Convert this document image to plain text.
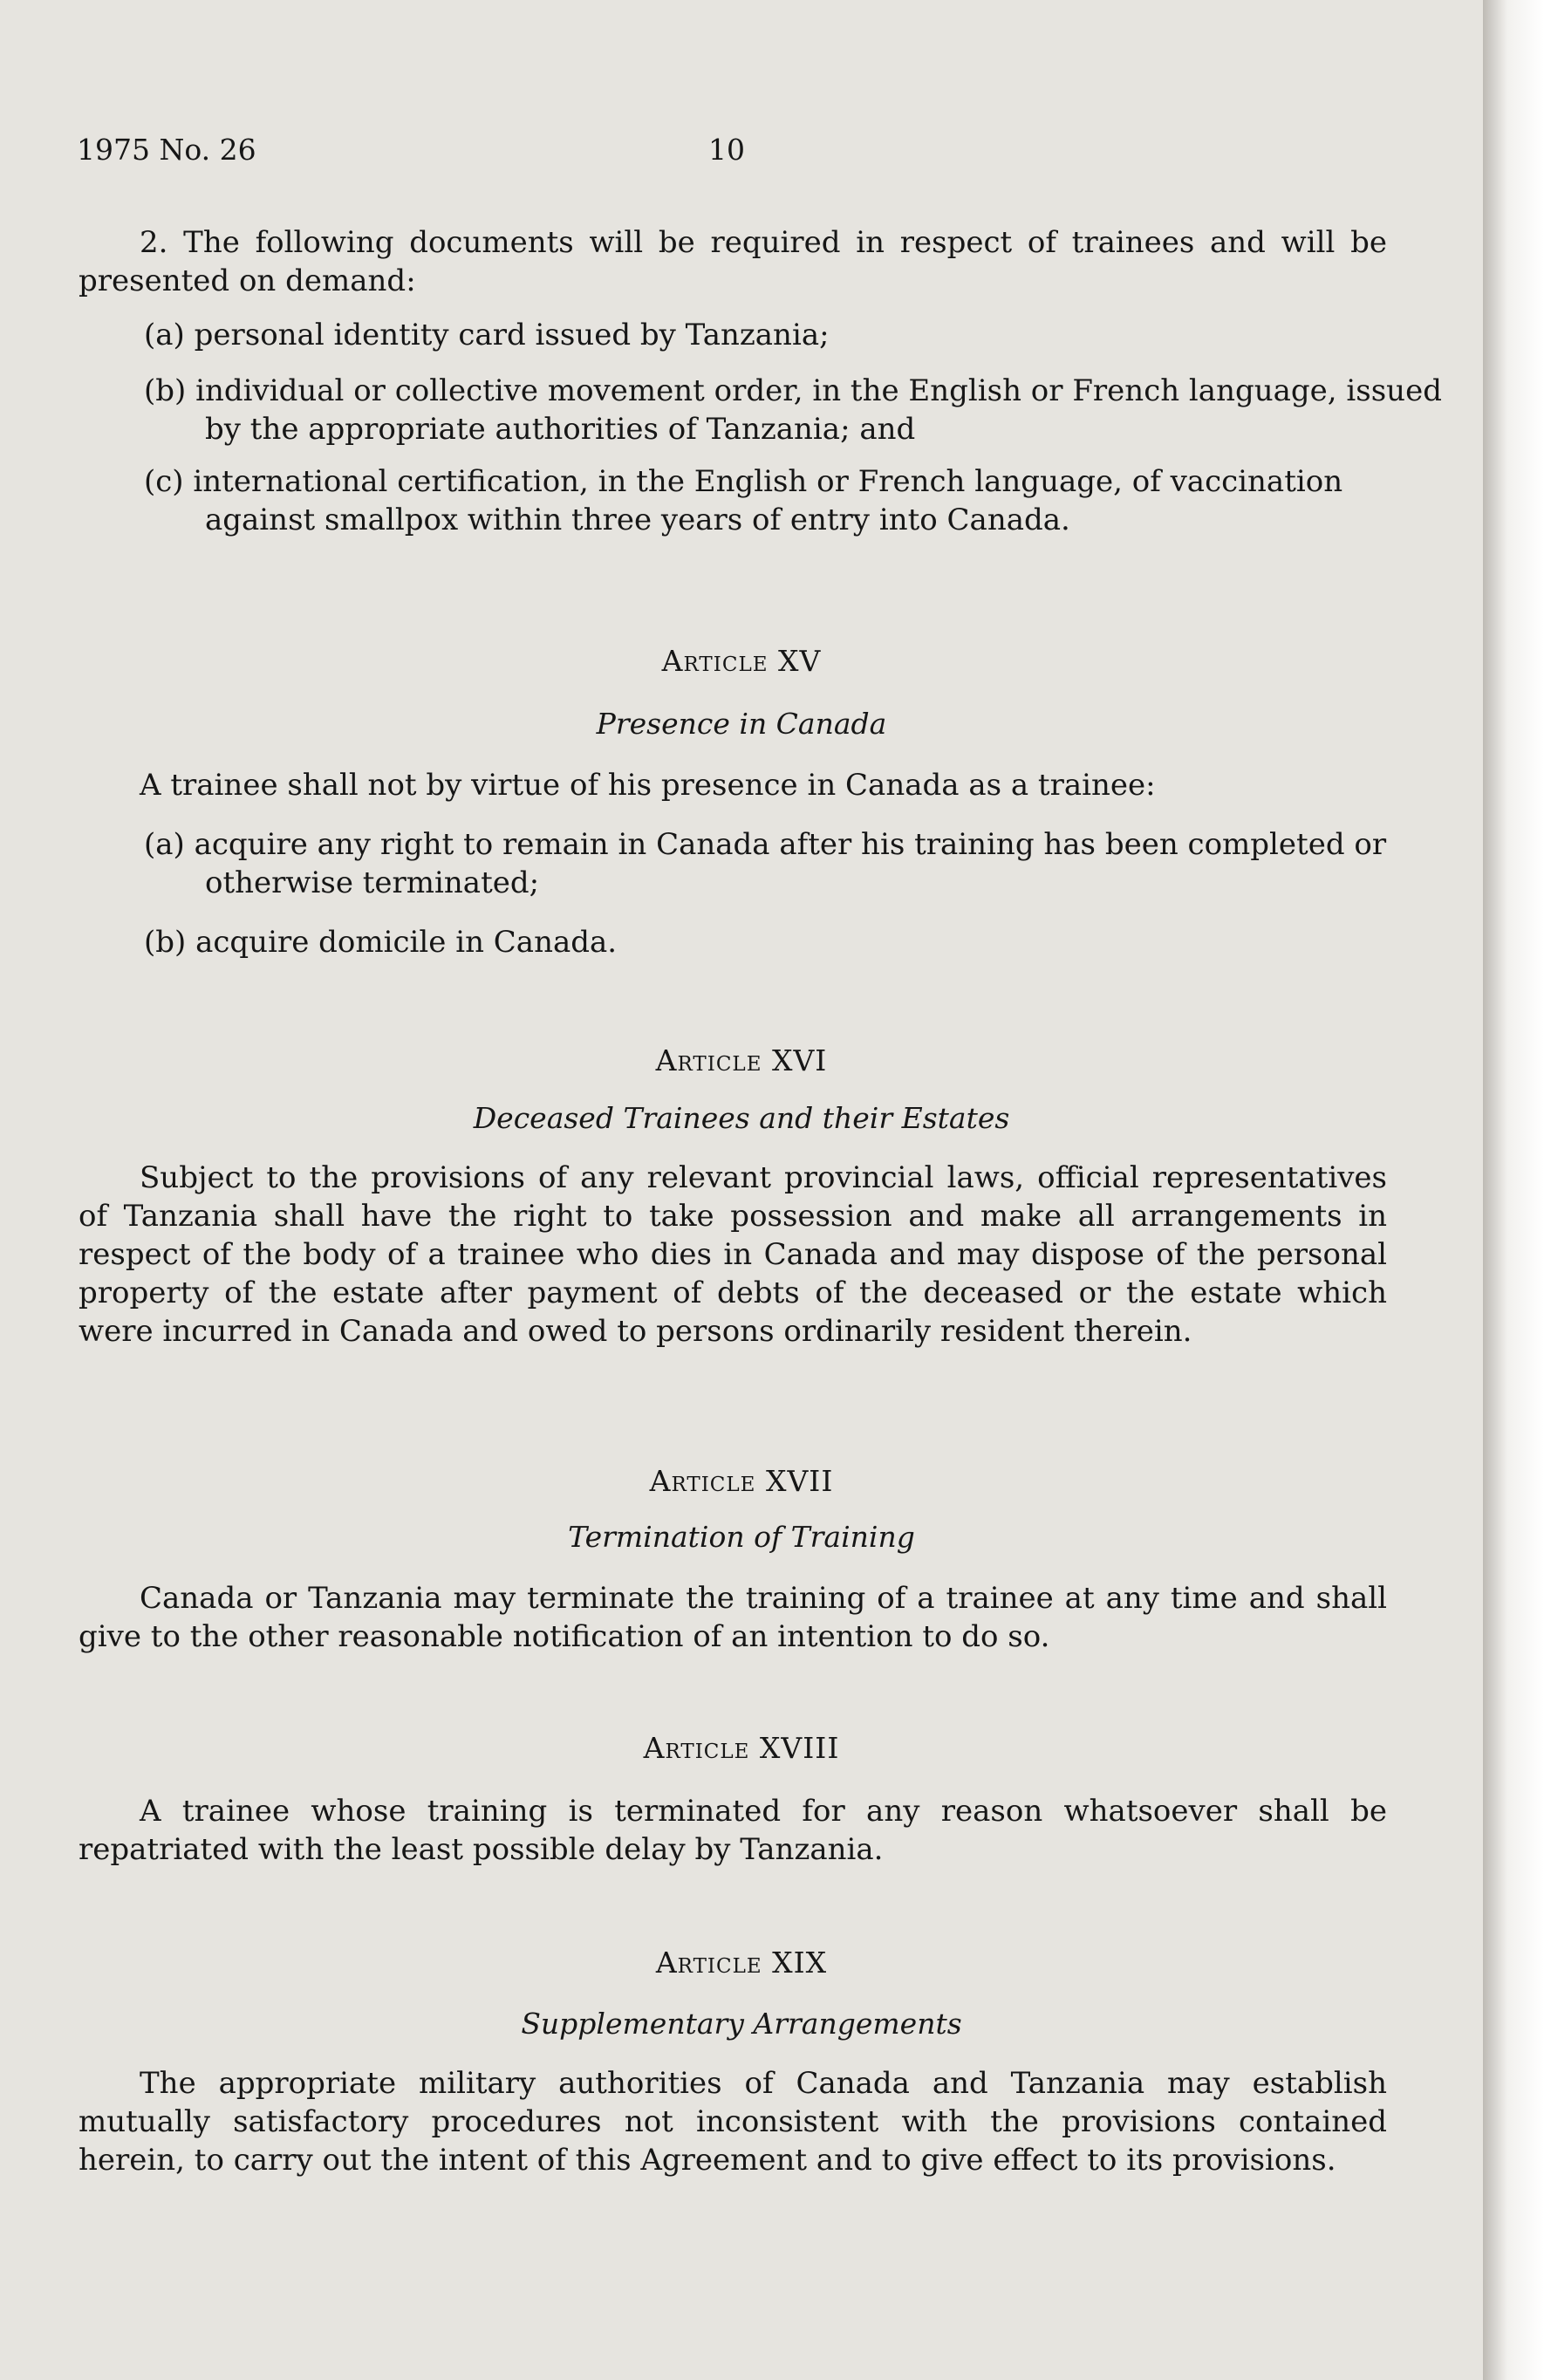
1975 No. 26	10

2. The following documents will be required in respect of trainees and will be presented on demand:

(a) personal identity card issued by Tanzania;

(b) individual or collective movement order, in the English or French language, issued by the appropriate authorities of Tanzania; and

(c) international certification, in the English or French language, of vaccination against smallpox within three years of entry into Canada.

Article XV
Presence in Canada

A trainee shall not by virtue of his presence in Canada as a trainee:

(a) acquire any right to remain in Canada after his training has been completed or otherwise terminated;

(b) acquire domicile in Canada.

Article XVI
Deceased Trainees and their Estates

Subject to the provisions of any relevant provincial laws, official representatives of Tanzania shall have the right to take possession and make all arrangements in respect of the body of a trainee who dies in Canada and may dispose of the personal property of the estate after payment of debts of the deceased or the estate which were incurred in Canada and owed to persons ordinarily resident therein.

Article XVII
Termination of Training

Canada or Tanzania may terminate the training of a trainee at any time and shall give to the other reasonable notification of an intention to do so.

Article XVIII

A trainee whose training is terminated for any reason whatsoever shall be repatriated with the least possible delay by Tanzania.

Article XIX
Supplementary Arrangements

The appropriate military authorities of Canada and Tanzania may establish mutually satisfactory procedures not inconsistent with the provisions contained herein, to carry out the intent of this Agreement and to give effect to its provisions.
